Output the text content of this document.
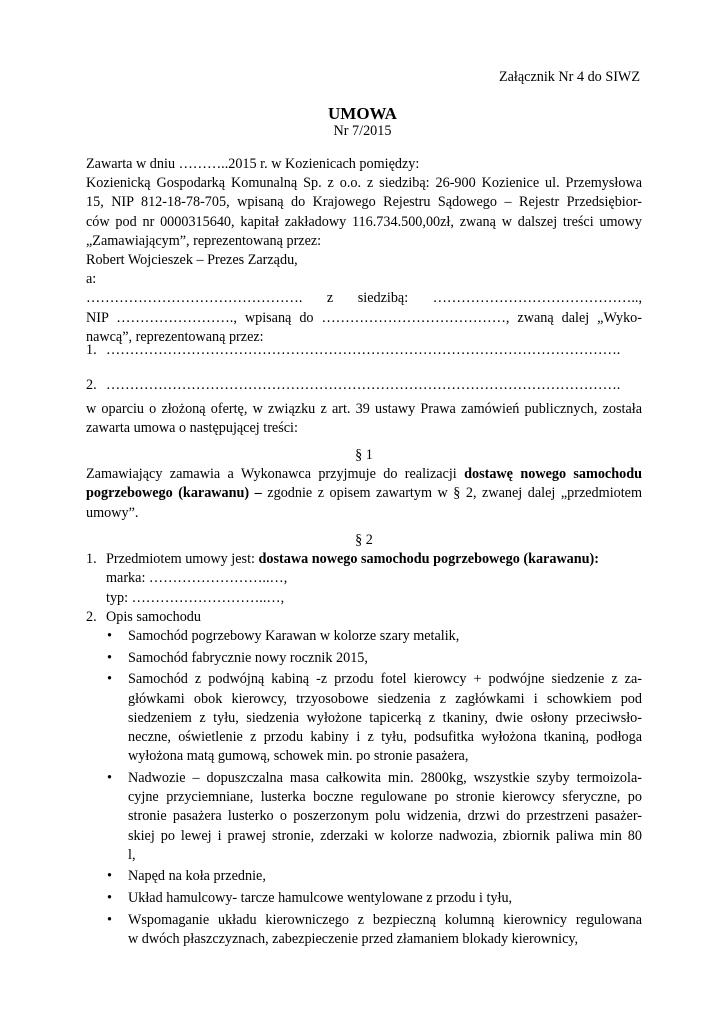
Załącznik Nr 4 do SIWZ
UMOWA
Nr 7/2015
Zawarta w dniu ………..2015 r. w Kozienicach pomiędzy:
Kozienicką Gospodarką Komunalną Sp. z o.o. z siedzibą: 26-900 Kozienice ul. Przemysłowa
15, NIP 812-18-78-705, wpisaną do Krajowego Rejestru Sądowego – Rejestr Przedsiębior-
ców pod nr 0000315640, kapitał zakładowy 116.734.500,00zł, zwaną w dalszej treści umowy
„Zamawiającym”, reprezentowaną przez:
Robert Wojcieszek – Prezes Zarządu,
a:
………………………………………. z siedzibą: ……………………………………..,
NIP ……………………., wpisaną do …………………………………, zwaną dalej „Wyko-
nawcą”, reprezentowaną przez:
1. ……………………………………………………………………………………………….
2. ……………………………………………………………………………………………….
w oparciu o złożoną ofertę, w związku z art. 39 ustawy Prawa zamówień publicznych, została
zawarta umowa o następującej treści:
§ 1
Zamawiający zamawia a Wykonawca przyjmuje do realizacji dostawę nowego samochodu
pogrzebowego (karawanu) – zgodnie z opisem zawartym w § 2, zwanej dalej „przedmiotem
umowy”.
§ 2
1. Przedmiotem umowy jest: dostawa nowego samochodu pogrzebowego (karawanu):
marka: ……………………..…,
typ: ………………………..…,
2. Opis samochodu
• Samochód pogrzebowy Karawan w kolorze szary metalik,
• Samochód fabrycznie nowy rocznik 2015,
• Samochód z podwójną kabiną -z przodu fotel kierowcy + podwójne siedzenie z za-
główkami obok kierowcy, trzyosobowe siedzenia z zagłówkami i schowkiem pod
siedzeniem z tyłu, siedzenia wyłożone tapicerką z tkaniny, dwie osłony przeciwsło-
neczne, oświetlenie z przodu kabiny i z tyłu, podsufitka wyłożona tkaniną, podłoga
wyłożona matą gumową, schowek min. po stronie pasażera,
• Nadwozie – dopuszczalna masa całkowita min. 2800kg, wszystkie szyby termoizola-
cyjne przyciemniane, lusterka boczne regulowane po stronie kierowcy sferyczne, po
stronie pasażera lusterko o poszerzonym polu widzenia, drzwi do przestrzeni pasażer-
skiej po lewej i prawej stronie, zderzaki w kolorze nadwozia, zbiornik paliwa min 80
l,
• Napęd na koła przednie,
• Układ hamulcowy- tarcze hamulcowe wentylowane z przodu i tyłu,
• Wspomaganie układu kierowniczego z bezpieczną kolumną kierownicy regulowana
w dwóch płaszczyznach, zabezpieczenie przed złamaniem blokady kierownicy,
